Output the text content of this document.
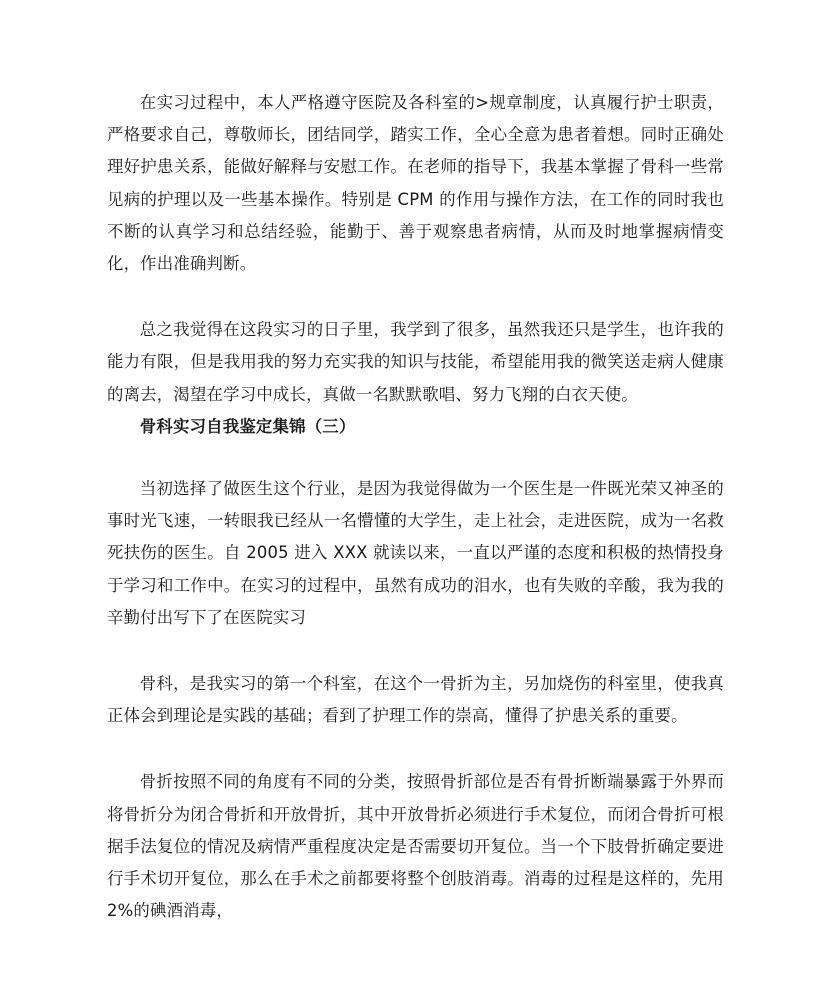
在实习过程中，本人严格遵守医院及各科室的>规章制度，认真履行护士职责，严格要求自己，尊敬师长，团结同学，踏实工作，全心全意为患者着想。同时正确处理好护患关系，能做好解释与安慰工作。在老师的指导下，我基本掌握了骨科一些常见病的护理以及一些基本操作。特别是 CPM 的作用与操作方法，在工作的同时我也不断的认真学习和总结经验，能勤于、善于观察患者病情，从而及时地掌握病情变化，作出准确判断。

总之我觉得在这段实习的日子里，我学到了很多，虽然我还只是学生，也许我的能力有限，但是我用我的努力充实我的知识与技能，希望能用我的微笑送走病人健康的离去，渴望在学习中成长，真做一名默默歌唱、努力飞翔的白衣天使。

骨科实习自我鉴定集锦（三）

当初选择了做医生这个行业，是因为我觉得做为一个医生是一件既光荣又神圣的事时光飞速，一转眼我已经从一名懵懂的大学生，走上社会，走进医院，成为一名救死扶伤的医生。自 2005 进入 XXX 就读以来，一直以严谨的态度和积极的热情投身于学习和工作中。在实习的过程中，虽然有成功的泪水，也有失败的辛酸，我为我的辛勤付出写下了在医院实习

骨科，是我实习的第一个科室，在这个一骨折为主，另加烧伤的科室里，使我真正体会到理论是实践的基础；看到了护理工作的崇高，懂得了护患关系的重要。

骨折按照不同的角度有不同的分类，按照骨折部位是否有骨折断端暴露于外界而将骨折分为闭合骨折和开放骨折，其中开放骨折必须进行手术复位，而闭合骨折可根据手法复位的情况及病情严重程度决定是否需要切开复位。当一个下肢骨折确定要进行手术切开复位，那么在手术之前都要将整个创肢消毒。消毒的过程是这样的，先用 2%的碘酒消毒，
